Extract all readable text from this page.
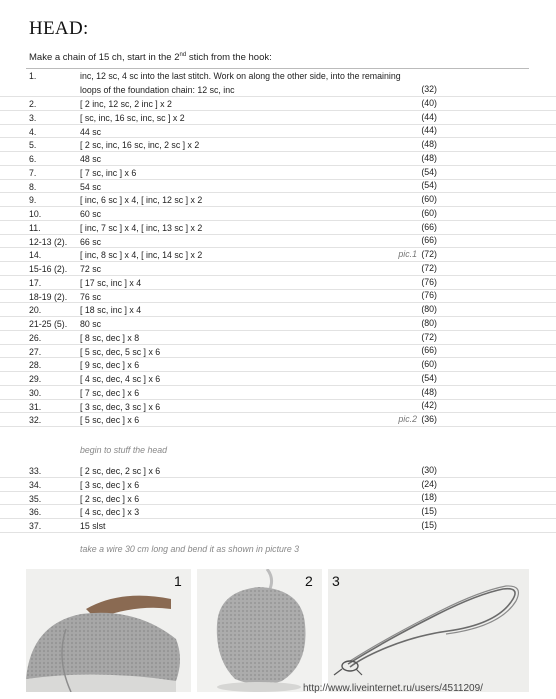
HEAD:
Make a chain of 15 ch, start in the 2nd stich from the hook:
1.	inc, 12 sc, 4 sc into the last stitch. Work on along the other side, into the remaining
loops of the foundation chain: 12 sc, inc	(32)
2.	[ 2 inc, 12 sc, 2 inc ] x 2	(40)
3.	[ sc, inc, 16 sc, inc, sc ] x 2	(44)
4.	44 sc	(44)
5.	[ 2 sc, inc, 16 sc, inc, 2 sc ] x 2	(48)
6.	48 sc	(48)
7.	[ 7 sc, inc ] x 6	(54)
8.	54 sc	(54)
9.	[ inc, 6 sc ] x 4, [ inc, 12 sc ] x 2	(60)
10.	60 sc	(60)
11.	[ inc, 7 sc ] x 4, [ inc, 13 sc ] x 2	(66)
12-13 (2). 66 sc	(66)
14.	[ inc, 8 sc ] x 4, [ inc, 14 sc ] x 2	pic.1 (72)
15-16 (2). 72 sc	(72)
17.	[ 17 sc, inc ] x 4	(76)
18-19 (2). 76 sc	(76)
20.	[ 18 sc, inc ] x 4	(80)
21-25 (5). 80 sc	(80)
26.	[ 8 sc, dec ] x 8	(72)
27.	[ 5 sc, dec, 5 sc ] x 6	(66)
28.	[ 9 sc, dec ] x 6	(60)
29.	[ 4 sc, dec, 4 sc ] x 6	(54)
30.	[ 7 sc, dec ] x 6	(48)
31.	[ 3 sc, dec, 3 sc ] x 6	(42)
32.	[ 5 sc, dec ] x 6	pic.2 (36)
begin to stuff the head
33.	[ 2 sc, dec, 2 sc ] x 6	(30)
34.	[ 3 sc, dec ] x 6	(24)
35.	[ 2 sc, dec ] x 6	(18)
36.	[ 4 sc, dec ] x 3	(15)
37.	15 slst	(15)
take a wire 30 cm long and bend it as shown in picture 3
1	2 3
http://www.liveinternet.ru/users/4511209/
